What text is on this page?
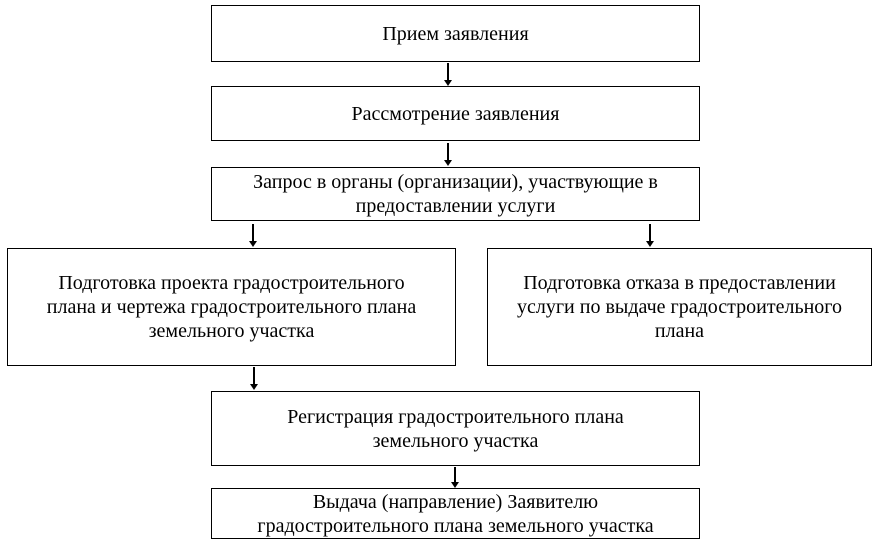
Прием заявления
Рассмотрение заявления
Запрос в органы (организации), участвующие в
предоставлении услуги
Подготовка проекта градостроительного
плана и чертежа градостроительного плана
земельного участка
Подготовка отказа в предоставлении
услуги по выдаче градостроительного
плана
Регистрация градостроительного плана
земельного участка
Выдача (направление) Заявителю
градостроительного плана земельного участка
